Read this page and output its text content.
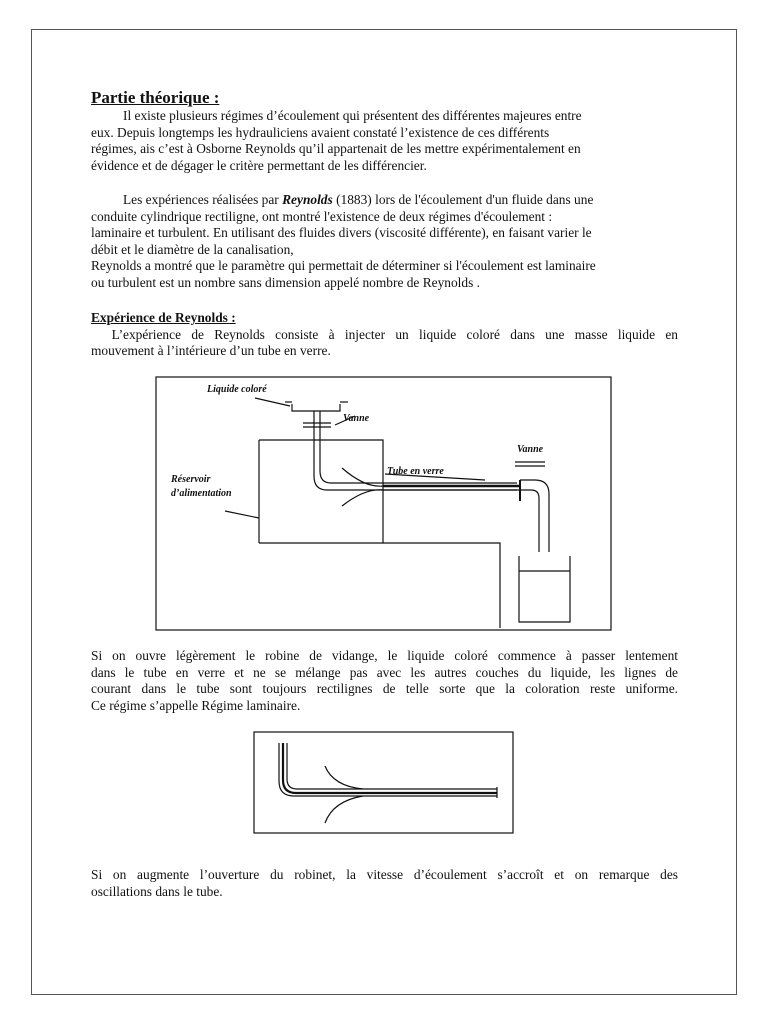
Partie théorique :
Il existe plusieurs régimes d’écoulement qui présentent des différentes majeures entre
eux. Depuis longtemps les hydrauliciens avaient constaté l’existence de ces différents
régimes, ais c’est à Osborne Reynolds qu’il appartenait de les mettre expérimentalement en
évidence et de dégager le critère permettant de les différencier.
Les expériences réalisées par Reynolds (1883) lors de l'écoulement d'un fluide dans une
conduite cylindrique rectiligne, ont montré l'existence de deux régimes d'écoulement :
laminaire et turbulent. En utilisant des fluides divers (viscosité différente), en faisant varier le
débit et le diamètre de la canalisation,
Reynolds a montré que le paramètre qui permettait de déterminer si l'écoulement est laminaire
ou turbulent est un nombre sans dimension appelé nombre de Reynolds .
Expérience de Reynolds :
L’expérience de Reynolds consiste à injecter un liquide coloré dans une masse liquide en
mouvement à l’intérieure d’un tube en verre.
Liquide coloré
Vanne
Réservoir
d’alimentation
Tube en verre
Vanne
Si on ouvre légèrement le robine de vidange, le liquide coloré commence à passer lentement
dans le tube en verre et ne se mélange pas avec les autres couches du liquide, les lignes de
courant dans le tube sont toujours rectilignes de telle sorte que la coloration reste uniforme.
Ce régime s’appelle Régime laminaire.
Si on augmente l’ouverture du robinet, la vitesse d’écoulement s’accroît et on remarque des
oscillations dans le tube.
